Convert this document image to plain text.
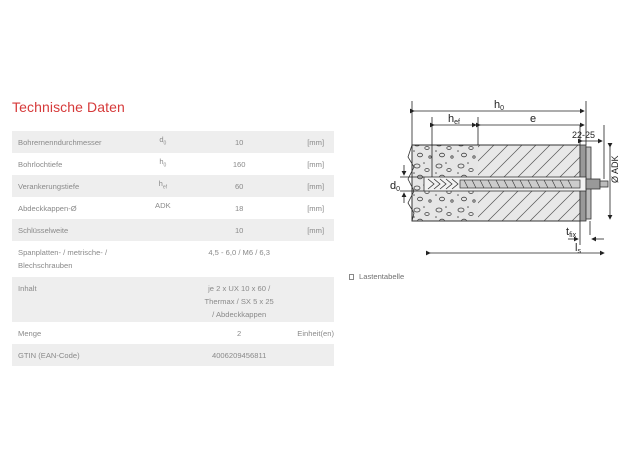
Technische Daten
Bohrernenndurchmesser	$d_0$	10	[mm]
Bohrlochtiefe	$h_0$	160	[mm]
Verankerungstiefe	$h_{ef}$	60	[mm]
Abdeckkappen-Ø	ADK	18	[mm]
Schlüsselweite		10	[mm]
Spanplatten- / metrische- / Blechschrauben		4,5 - 6,0 / M6 / 6,3	
Inhalt		je 2 x UX 10 x 60 / Thermax / SX 5 x 25 / Abdeckkappen	
Menge		2	Einheit(en)
GTIN (EAN-Code)		4006209456811	
h0
hef	e
22-25
Ø ADK
d0
tfix
ls
Lastentabelle
